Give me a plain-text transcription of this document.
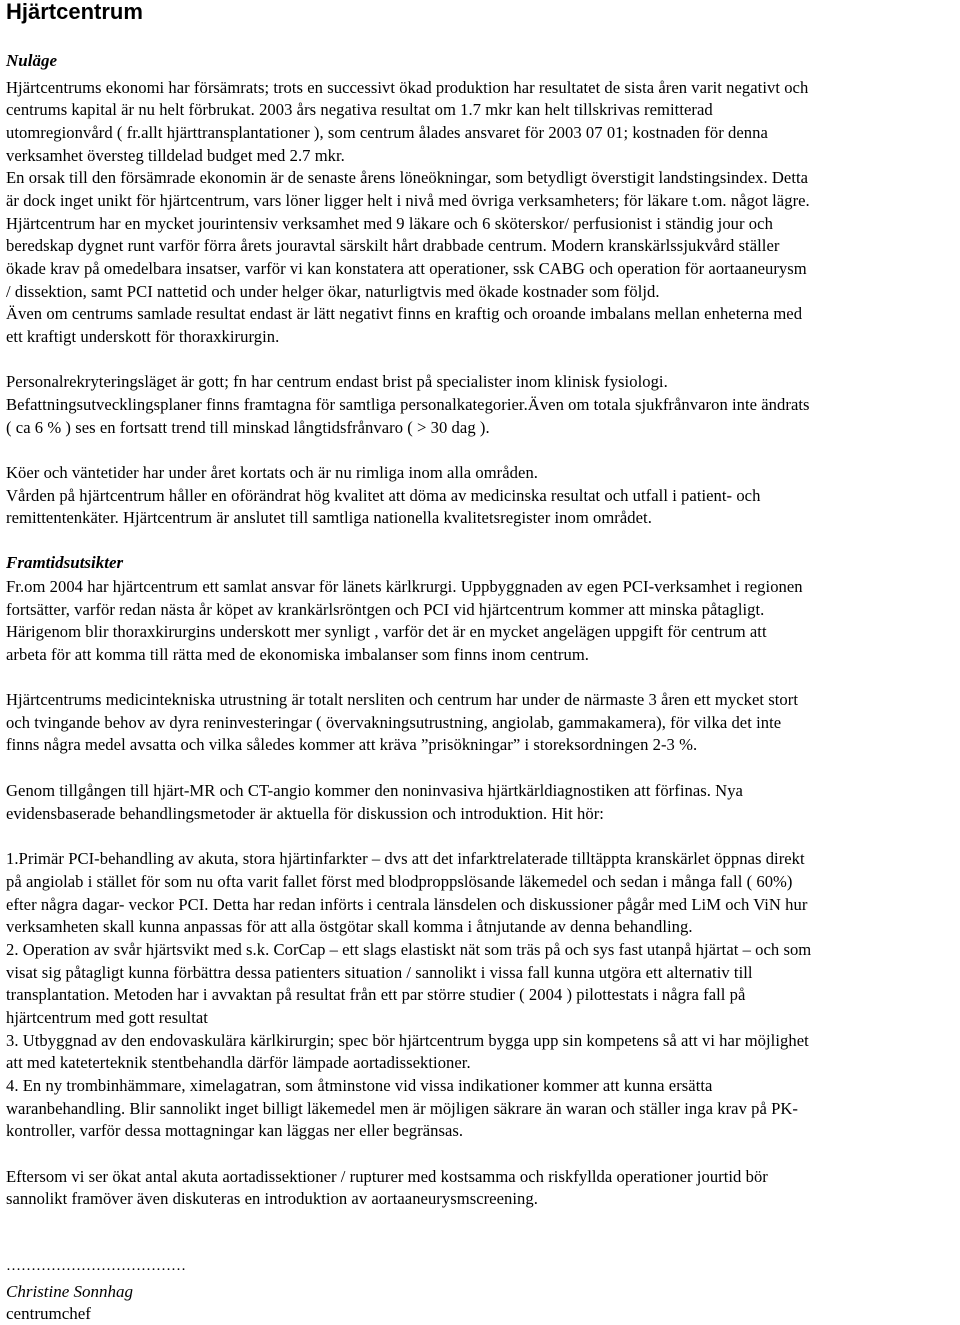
Hjärtcentrum
Nuläge
Hjärtcentrums ekonomi har försämrats; trots en successivt ökad produktion har resultatet de sista åren varit negativt och
centrums kapital är nu helt förbrukat. 2003 års negativa resultat om 1.7 mkr kan helt tillskrivas remitterad
utomregionvård ( fr.allt hjärttransplantationer ), som centrum ålades ansvaret för 2003 07 01; kostnaden för denna
verksamhet översteg tilldelad budget med 2.7 mkr.
En orsak till den försämrade ekonomin är de senaste årens löneökningar, som betydligt överstigit landstingsindex. Detta
är dock inget unikt för hjärtcentrum, vars löner ligger helt i nivå med övriga verksamheters; för läkare t.om. något lägre.
Hjärtcentrum har en mycket jourintensiv verksamhet med 9 läkare och 6 sköterskor/ perfusionist i ständig jour och
beredskap dygnet runt varför förra årets jouravtal särskilt hårt drabbade centrum. Modern kranskärlssjukvård ställer
ökade krav på omedelbara insatser, varför vi kan konstatera att operationer, ssk CABG och operation för aortaaneurysm
/ dissektion, samt PCI nattetid och under helger ökar, naturligtvis med ökade kostnader som följd.
Även om centrums samlade resultat endast är lätt negativt finns en kraftig och oroande imbalans mellan enheterna med
ett kraftigt underskott för thoraxkirurgin.
Personalrekryteringsläget är gott; fn har centrum endast brist på specialister inom klinisk fysiologi.
Befattningsutvecklingsplaner finns framtagna för samtliga personalkategorier.Även om totala sjukfrånvaron inte ändrats
( ca 6 % ) ses en fortsatt trend till minskad långtidsfrånvaro ( > 30 dag ).
Köer och väntetider har under året kortats och är nu rimliga inom alla områden.
Vården på hjärtcentrum håller en oförändrat hög kvalitet att döma av medicinska resultat och utfall i patient- och
remittentenkäter. Hjärtcentrum är anslutet till samtliga nationella kvalitetsregister inom området.
Framtidsutsikter
Fr.om 2004 har hjärtcentrum ett samlat ansvar för länets kärlkrurgi. Uppbyggnaden av egen PCI-verksamhet i regionen
fortsätter, varför redan nästa år köpet av krankärlsröntgen och PCI vid hjärtcentrum kommer att minska påtagligt.
Härigenom blir thoraxkirurgins underskott mer synligt , varför det är en mycket angelägen uppgift för centrum att
arbeta för att komma till rätta med de ekonomiska imbalanser som finns inom centrum.
Hjärtcentrums medicintekniska utrustning är totalt nersliten och centrum har under de närmaste 3 åren ett mycket stort
och tvingande behov av dyra reninvesteringar ( övervakningsutrustning, angiolab, gammakamera), för vilka det inte
finns några medel avsatta och vilka således kommer att kräva ”prisökningar” i storeksordningen 2-3 %.
Genom tillgången till hjärt-MR och CT-angio kommer den noninvasiva hjärtkärldiagnostiken att förfinas. Nya
evidensbaserade behandlingsmetoder är aktuella för diskussion och introduktion. Hit hör:
1.Primär PCI-behandling av akuta, stora hjärtinfarkter – dvs att det infarktrelaterade tilltäppta kranskärlet öppnas direkt
på angiolab i stället för som nu ofta varit fallet först med blodproppslösande läkemedel och sedan i många fall ( 60%)
efter några dagar- veckor PCI. Detta har redan införts i centrala länsdelen och diskussioner pågår med LiM och ViN hur
verksamheten skall kunna anpassas för att alla östgötar skall komma i åtnjutande av denna behandling.
2. Operation av svår hjärtsvikt med s.k. CorCap – ett slags elastiskt nät som träs på och sys fast utanpå hjärtat – och som
visat sig påtagligt kunna förbättra dessa patienters situation / sannolikt i vissa fall kunna utgöra ett alternativ till
transplantation. Metoden har i avvaktan på resultat från ett par större studier ( 2004 ) pilottestats i några fall på
hjärtcentrum med gott resultat
3. Utbyggnad av den endovaskulära kärlkirurgin; spec bör hjärtcentrum bygga upp sin kompetens så att vi har möjlighet
att med kateterteknik stentbehandla därför lämpade aortadissektioner.
4. En ny trombinhämmare, ximelagatran, som åtminstone vid vissa indikationer kommer att kunna ersätta
waranbehandling. Blir sannolikt inget billigt läkemedel men är möjligen säkrare än waran och ställer inga krav på PK-
kontroller, varför dessa mottagningar kan läggas ner eller begränsas.
Eftersom vi ser ökat antal akuta aortadissektioner / rupturer med kostsamma och riskfyllda operationer jourtid bör
sannolikt framöver även diskuteras en introduktion av aortaaneurysmscreening.
………………………………
Christine Sonnhag
centrumchef
